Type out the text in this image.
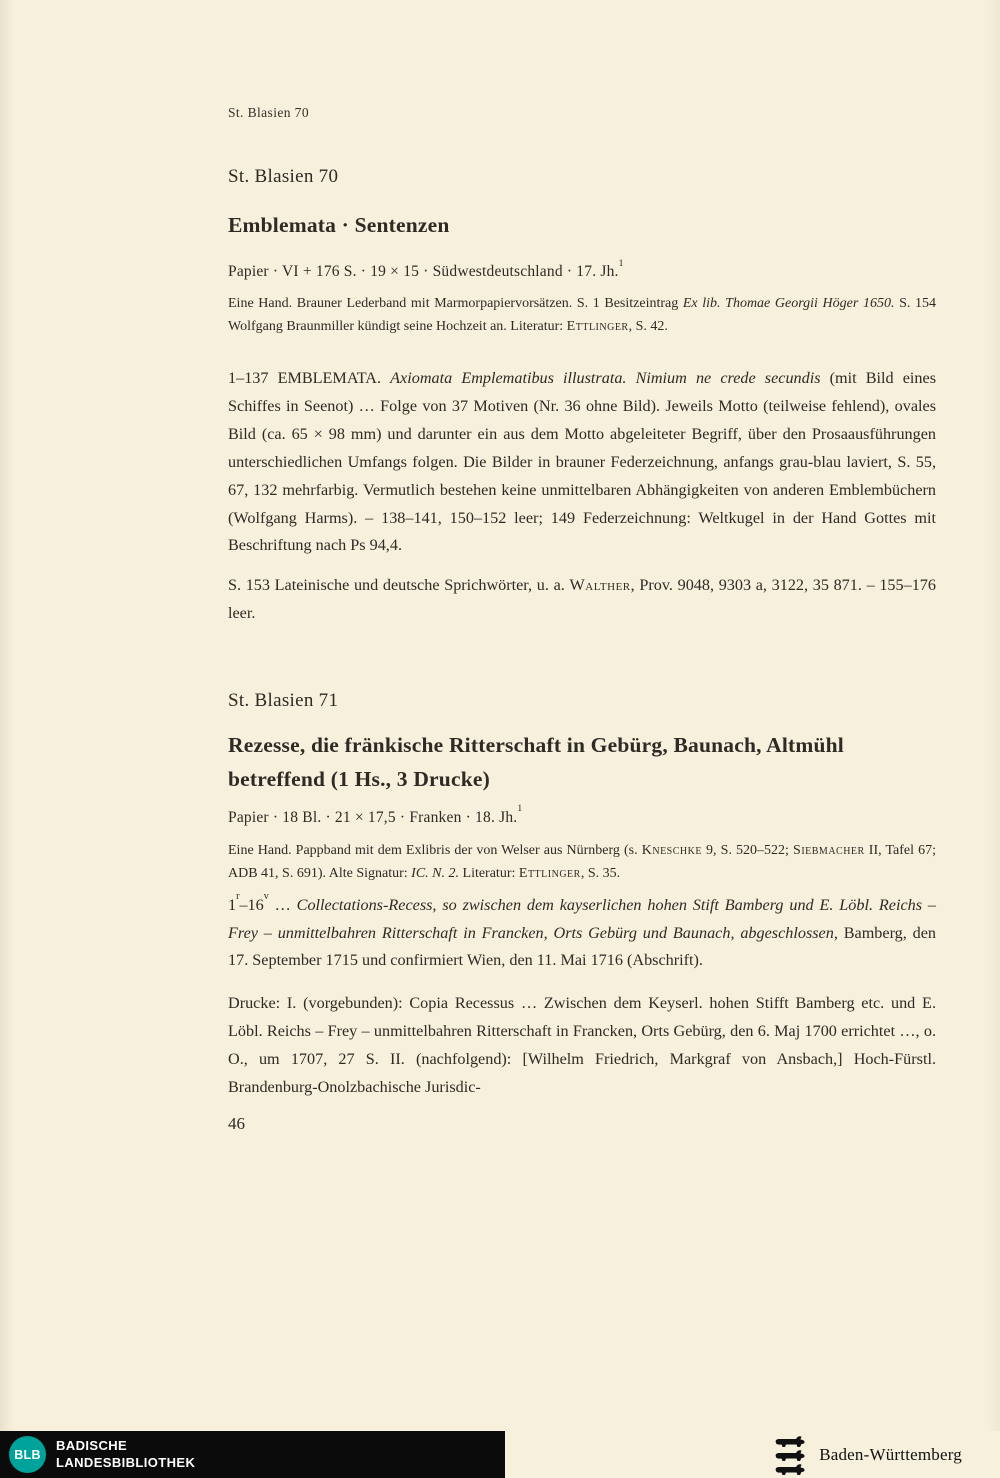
St. Blasien 70
St. Blasien 70
Emblemata · Sentenzen

Papier · VI + 176 S. · 19 × 15 · Südwestdeutschland · 17. Jh.$^1$

Eine Hand. Brauner Lederband mit Marmorpapiervorsätzen. S. 1 Besitzeintrag Ex lib. Thomae Georgii Höger 1650. S. 154 Wolfgang Braunmiller kündigt seine Hochzeit an. Literatur: Ettlinger, S. 42.

1–137 EMBLEMATA. Axiomata Emplematibus illustrata. Nimium ne crede secundis (mit Bild eines Schiffes in Seenot) … Folge von 37 Motiven (Nr. 36 ohne Bild). Jeweils Motto (teilweise fehlend), ovales Bild (ca. 65 × 98 mm) und darunter ein aus dem Motto abgeleiteter Begriff, über den Prosaausführungen unterschiedlichen Umfangs folgen. Die Bilder in brauner Federzeichnung, anfangs grau-blau laviert, S. 55, 67, 132 mehrfarbig. Vermutlich bestehen keine unmittelbaren Abhängigkeiten von anderen Emblembüchern (Wolfgang Harms). – 138–141, 150–152 leer; 149 Federzeichnung: Weltkugel in der Hand Gottes mit Beschriftung nach Ps 94,4.

S. 153 Lateinische und deutsche Sprichwörter, u. a. Walther, Prov. 9048, 9303 a, 3122, 35 871. – 155–176 leer.

St. Blasien 71
Rezesse, die fränkische Ritterschaft in Gebürg, Baunach, Altmühl betreffend (1 Hs., 3 Drucke)

Papier · 18 Bl. · 21 × 17,5 · Franken · 18. Jh.$^1$

Eine Hand. Pappband mit dem Exlibris der von Welser aus Nürnberg (s. Kneschke 9, S. 520–522; Siebmacher II, Tafel 67; ADB 41, S. 691). Alte Signatur: IC. N. 2. Literatur: Ettlinger, S. 35.

1$^r$–16$^v$ … Collectations-Recess, so zwischen dem kayserlichen hohen Stift Bamberg und E. Löbl. Reichs – Frey – unmittelbahren Ritterschaft in Francken, Orts Gebürg und Baunach, abgeschlossen, Bamberg, den 17. September 1715 und confirmiert Wien, den 11. Mai 1716 (Abschrift).

Drucke: I. (vorgebunden): Copia Recessus … Zwischen dem Keyserl. hohen Stifft Bamberg etc. und E. Löbl. Reichs – Frey – unmittelbahren Ritterschaft in Francken, Orts Gebürg, den 6. Maj 1700 errichtet …, o. O., um 1707, 27 S. II. (nachfolgend): [Wilhelm Friedrich, Markgraf von Ansbach,] Hoch-Fürstl. Brandenburg-Onolzbachische Jurisdic-

46
BLB
BADISCHE
LANDESBIBLIOTHEK	Baden-Württemberg
